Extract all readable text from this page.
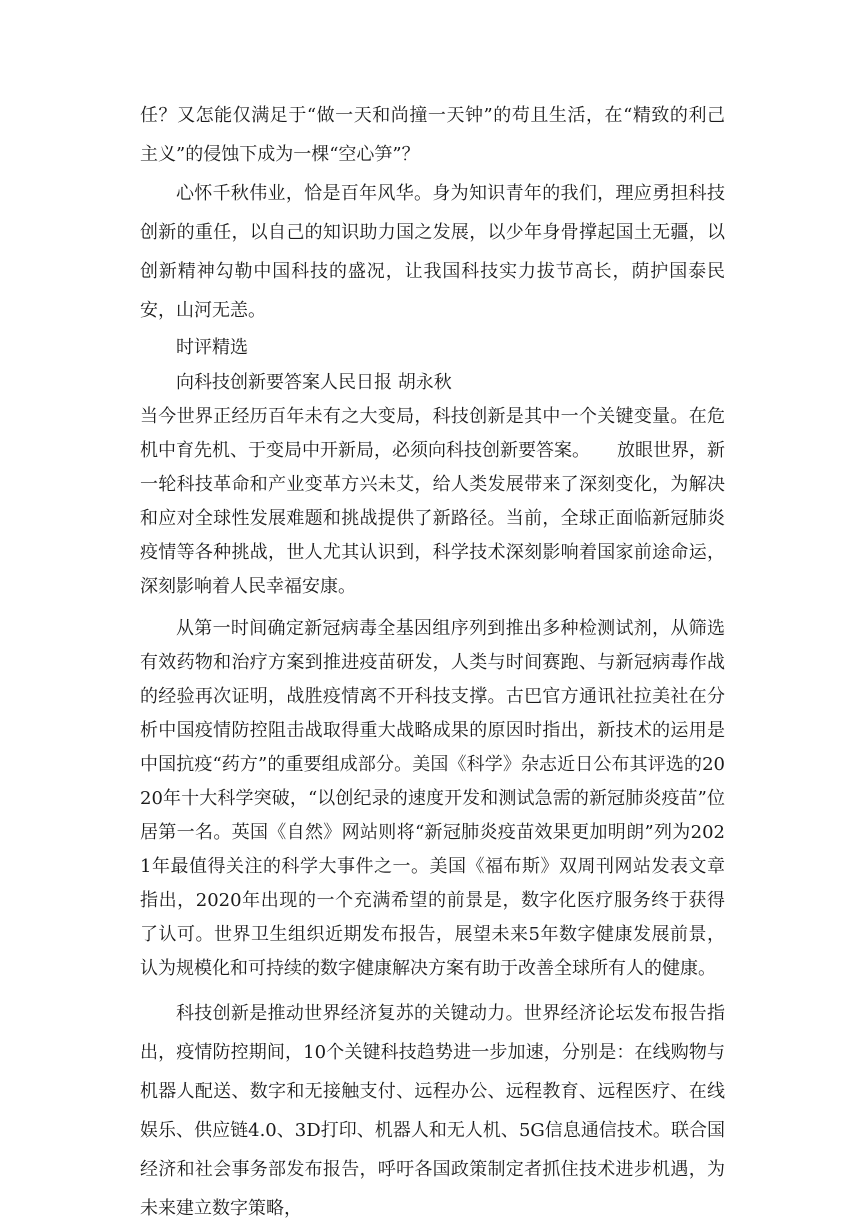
任？又怎能仅满足于“做一天和尚撞一天钟”的苟且生活，在“精致的利己主义”的侵蚀下成为一棵“空心笋”？

心怀千秋伟业，恰是百年风华。身为知识青年的我们，理应勇担科技创新的重任，以自己的知识助力国之发展，以少年身骨撑起国土无疆，以创新精神勾勒中国科技的盛况，让我国科技实力拔节高长，荫护国泰民安，山河无恙。

时评精选

向科技创新要答案人民日报 胡永秋

当今世界正经历百年未有之大变局，科技创新是其中一个关键变量。在危机中育先机、于变局中开新局，必须向科技创新要答案。　　放眼世界，新一轮科技革命和产业变革方兴未艾，给人类发展带来了深刻变化，为解决和应对全球性发展难题和挑战提供了新路径。当前，全球正面临新冠肺炎疫情等各种挑战，世人尤其认识到，科学技术深刻影响着国家前途命运，深刻影响着人民幸福安康。

从第一时间确定新冠病毒全基因组序列到推出多种检测试剂，从筛选有效药物和治疗方案到推进疫苗研发，人类与时间赛跑、与新冠病毒作战的经验再次证明，战胜疫情离不开科技支撑。古巴官方通讯社拉美社在分析中国疫情防控阻击战取得重大战略成果的原因时指出，新技术的运用是中国抗疫“药方”的重要组成部分。美国《科学》杂志近日公布其评选的2020年十大科学突破，“以创纪录的速度开发和测试急需的新冠肺炎疫苗”位居第一名。英国《自然》网站则将“新冠肺炎疫苗效果更加明朗”列为2021年最值得关注的科学大事件之一。美国《福布斯》双周刊网站发表文章指出，2020年出现的一个充满希望的前景是，数字化医疗服务终于获得了认可。世界卫生组织近期发布报告，展望未来5年数字健康发展前景，认为规模化和可持续的数字健康解决方案有助于改善全球所有人的健康。

科技创新是推动世界经济复苏的关键动力。世界经济论坛发布报告指出，疫情防控期间，10个关键科技趋势进一步加速，分别是：在线购物与机器人配送、数字和无接触支付、远程办公、远程教育、远程医疗、在线娱乐、供应链4.0、3D打印、机器人和无人机、5G信息通信技术。联合国经济和社会事务部发布报告，呼吁各国政策制定者抓住技术进步机遇，为未来建立数字策略，
